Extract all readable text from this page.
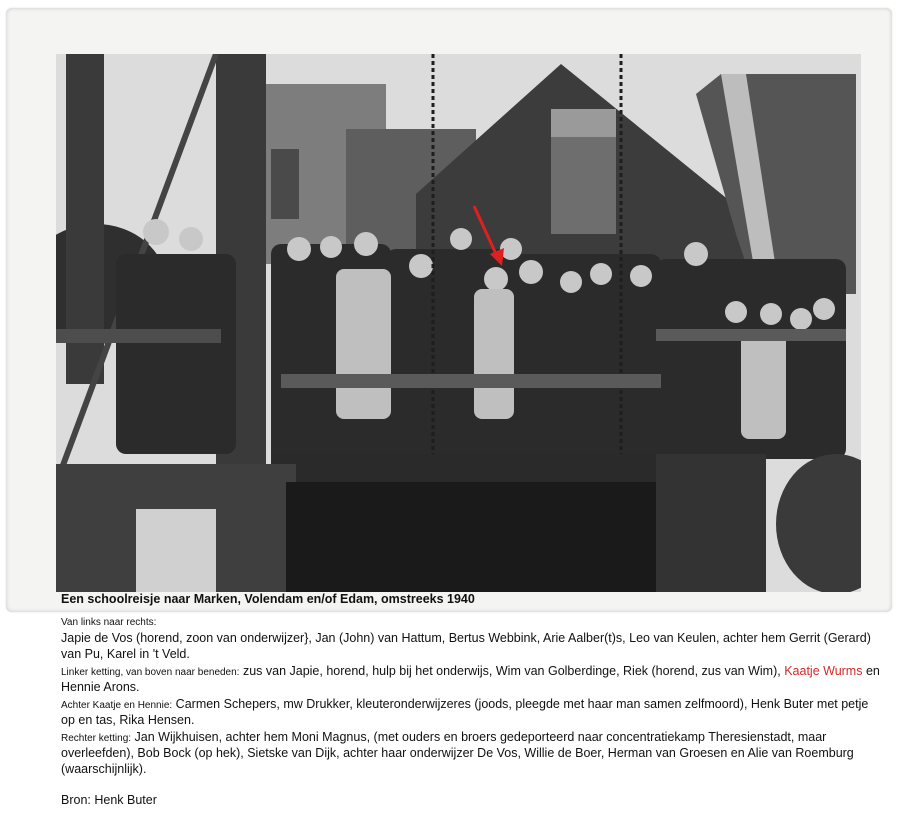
Een schoolreisje naar Marken, Volendam en/of Edam, omstreeks 1940
Van links naar rechts:
Japie de Vos (horend, zoon van onderwijzer}, Jan (John) van Hattum, Bertus Webbink, Arie Aalber(t)s, Leo van Keulen, achter hem Gerrit (Gerard) van Pu, Karel in 't Veld.
Linker ketting, van boven naar beneden: zus van Japie, horend, hulp bij het onderwijs, Wim van Golberdinge, Riek (horend, zus van Wim), Kaatje Wurms en Hennie Arons.
Achter Kaatje en Hennie: Carmen Schepers, mw Drukker, kleuteronderwijzeres (joods, pleegde met haar man samen zelfmoord), Henk Buter met petje op en tas, Rika Hensen.
Rechter ketting: Jan Wijkhuisen, achter hem Moni Magnus, (met ouders en broers gedeporteerd naar concentratiekamp Theresienstadt, maar overleefden), Bob Bock (op hek), Sietske van Dijk, achter haar onderwijzer De Vos, Willie de Boer, Herman van Groesen en Alie van Roemburg (waarschijnlijk).
Bron: Henk Buter
